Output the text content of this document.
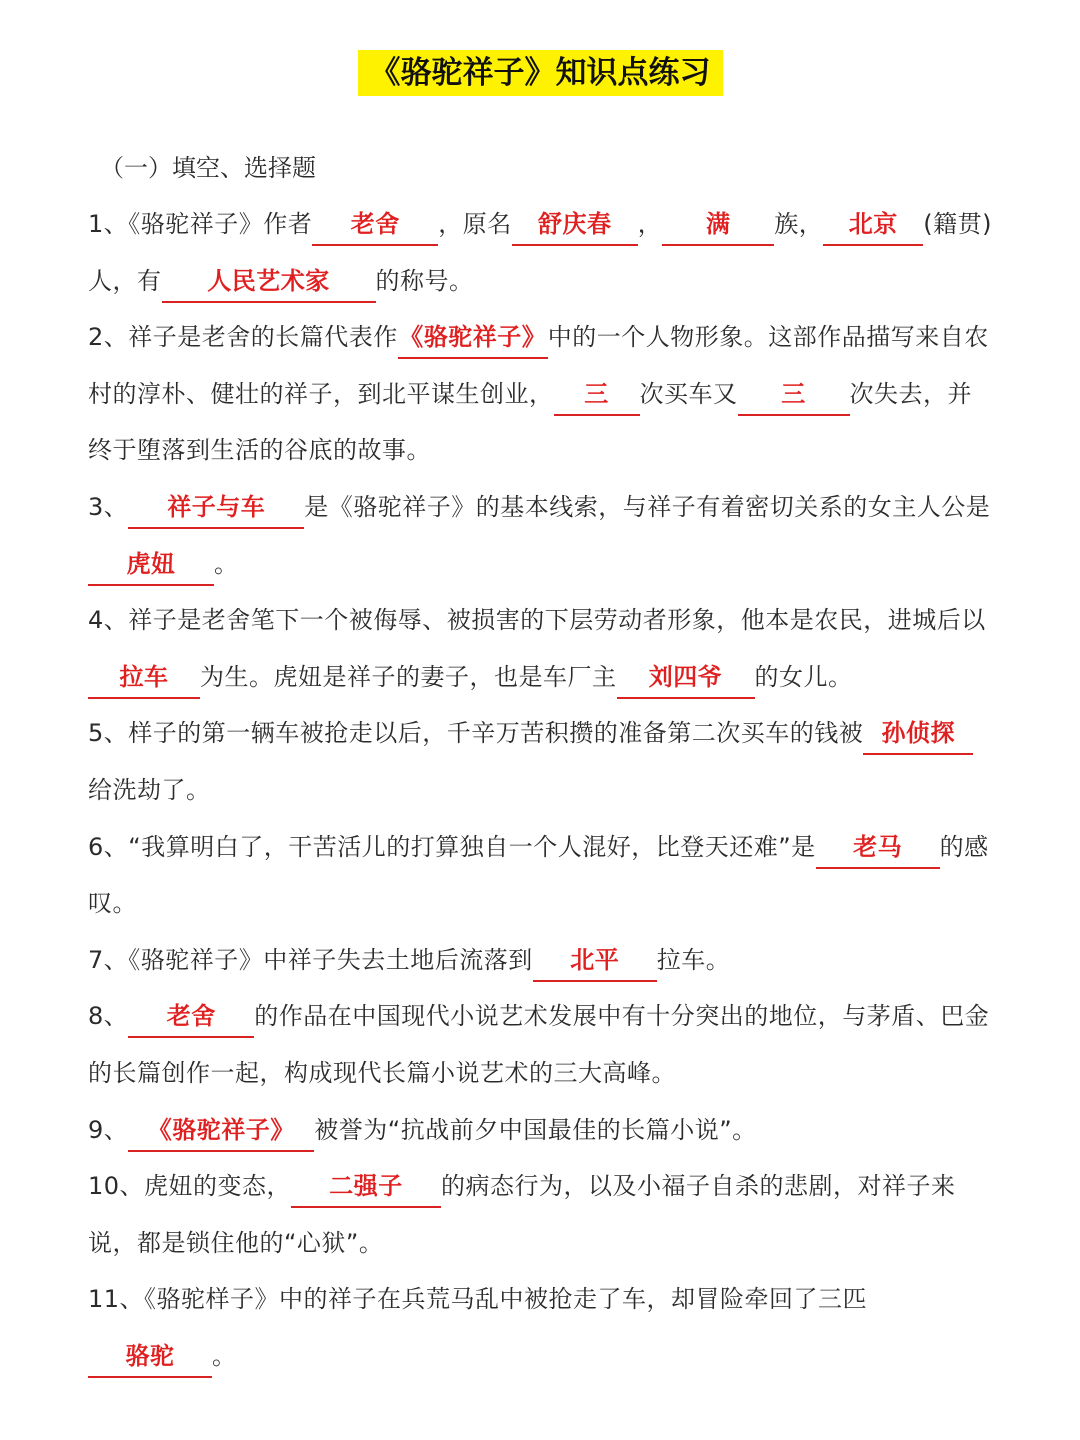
《骆驼祥子》知识点练习
（一）填空、选择题

1、《骆驼祥子》作者 老舍 ，原名 舒庆春 ， 满 族， 北京 (籍贯)人，有 人民艺术家 的称号。

2、祥子是老舍的长篇代表作《骆驼祥子》中的一个人物形象。这部作品描写来自农村的淳朴、健壮的祥子，到北平谋生创业， 三 次买车又 三 次失去，并终于堕落到生活的谷底的故事。

3、 祥子与车 是《骆驼祥子》的基本线索，与祥子有着密切关系的女主人公是虎妞 。

4、祥子是老舍笔下一个被侮辱、被损害的下层劳动者形象，他本是农民，进城后以拉车 为生。虎妞是祥子的妻子，也是车厂主 刘四爷 的女儿。

5、样子的第一辆车被抢走以后，千辛万苦积攒的准备第二次买车的钱被 孙侦探给洗劫了。

6、“我算明白了，干苦活儿的打算独自一个人混好，比登天还难”是 老马 的感叹。

7、《骆驼祥子》中祥子失去土地后流落到 北平 拉车。

8、 老舍 的作品在中国现代小说艺术发展中有十分突出的地位，与茅盾、巴金的长篇创作一起，构成现代长篇小说艺术的三大高峰。

9、 《骆驼祥子》 被誉为“抗战前夕中国最佳的长篇小说”。

10、虎妞的变态， 二强子 的病态行为，以及小福子自杀的悲剧，对祥子来说，都是锁住他的“心狱”。

11、《骆驼样子》中的祥子在兵荒马乱中被抢走了车，却冒险牵回了三匹
骆驼 。
